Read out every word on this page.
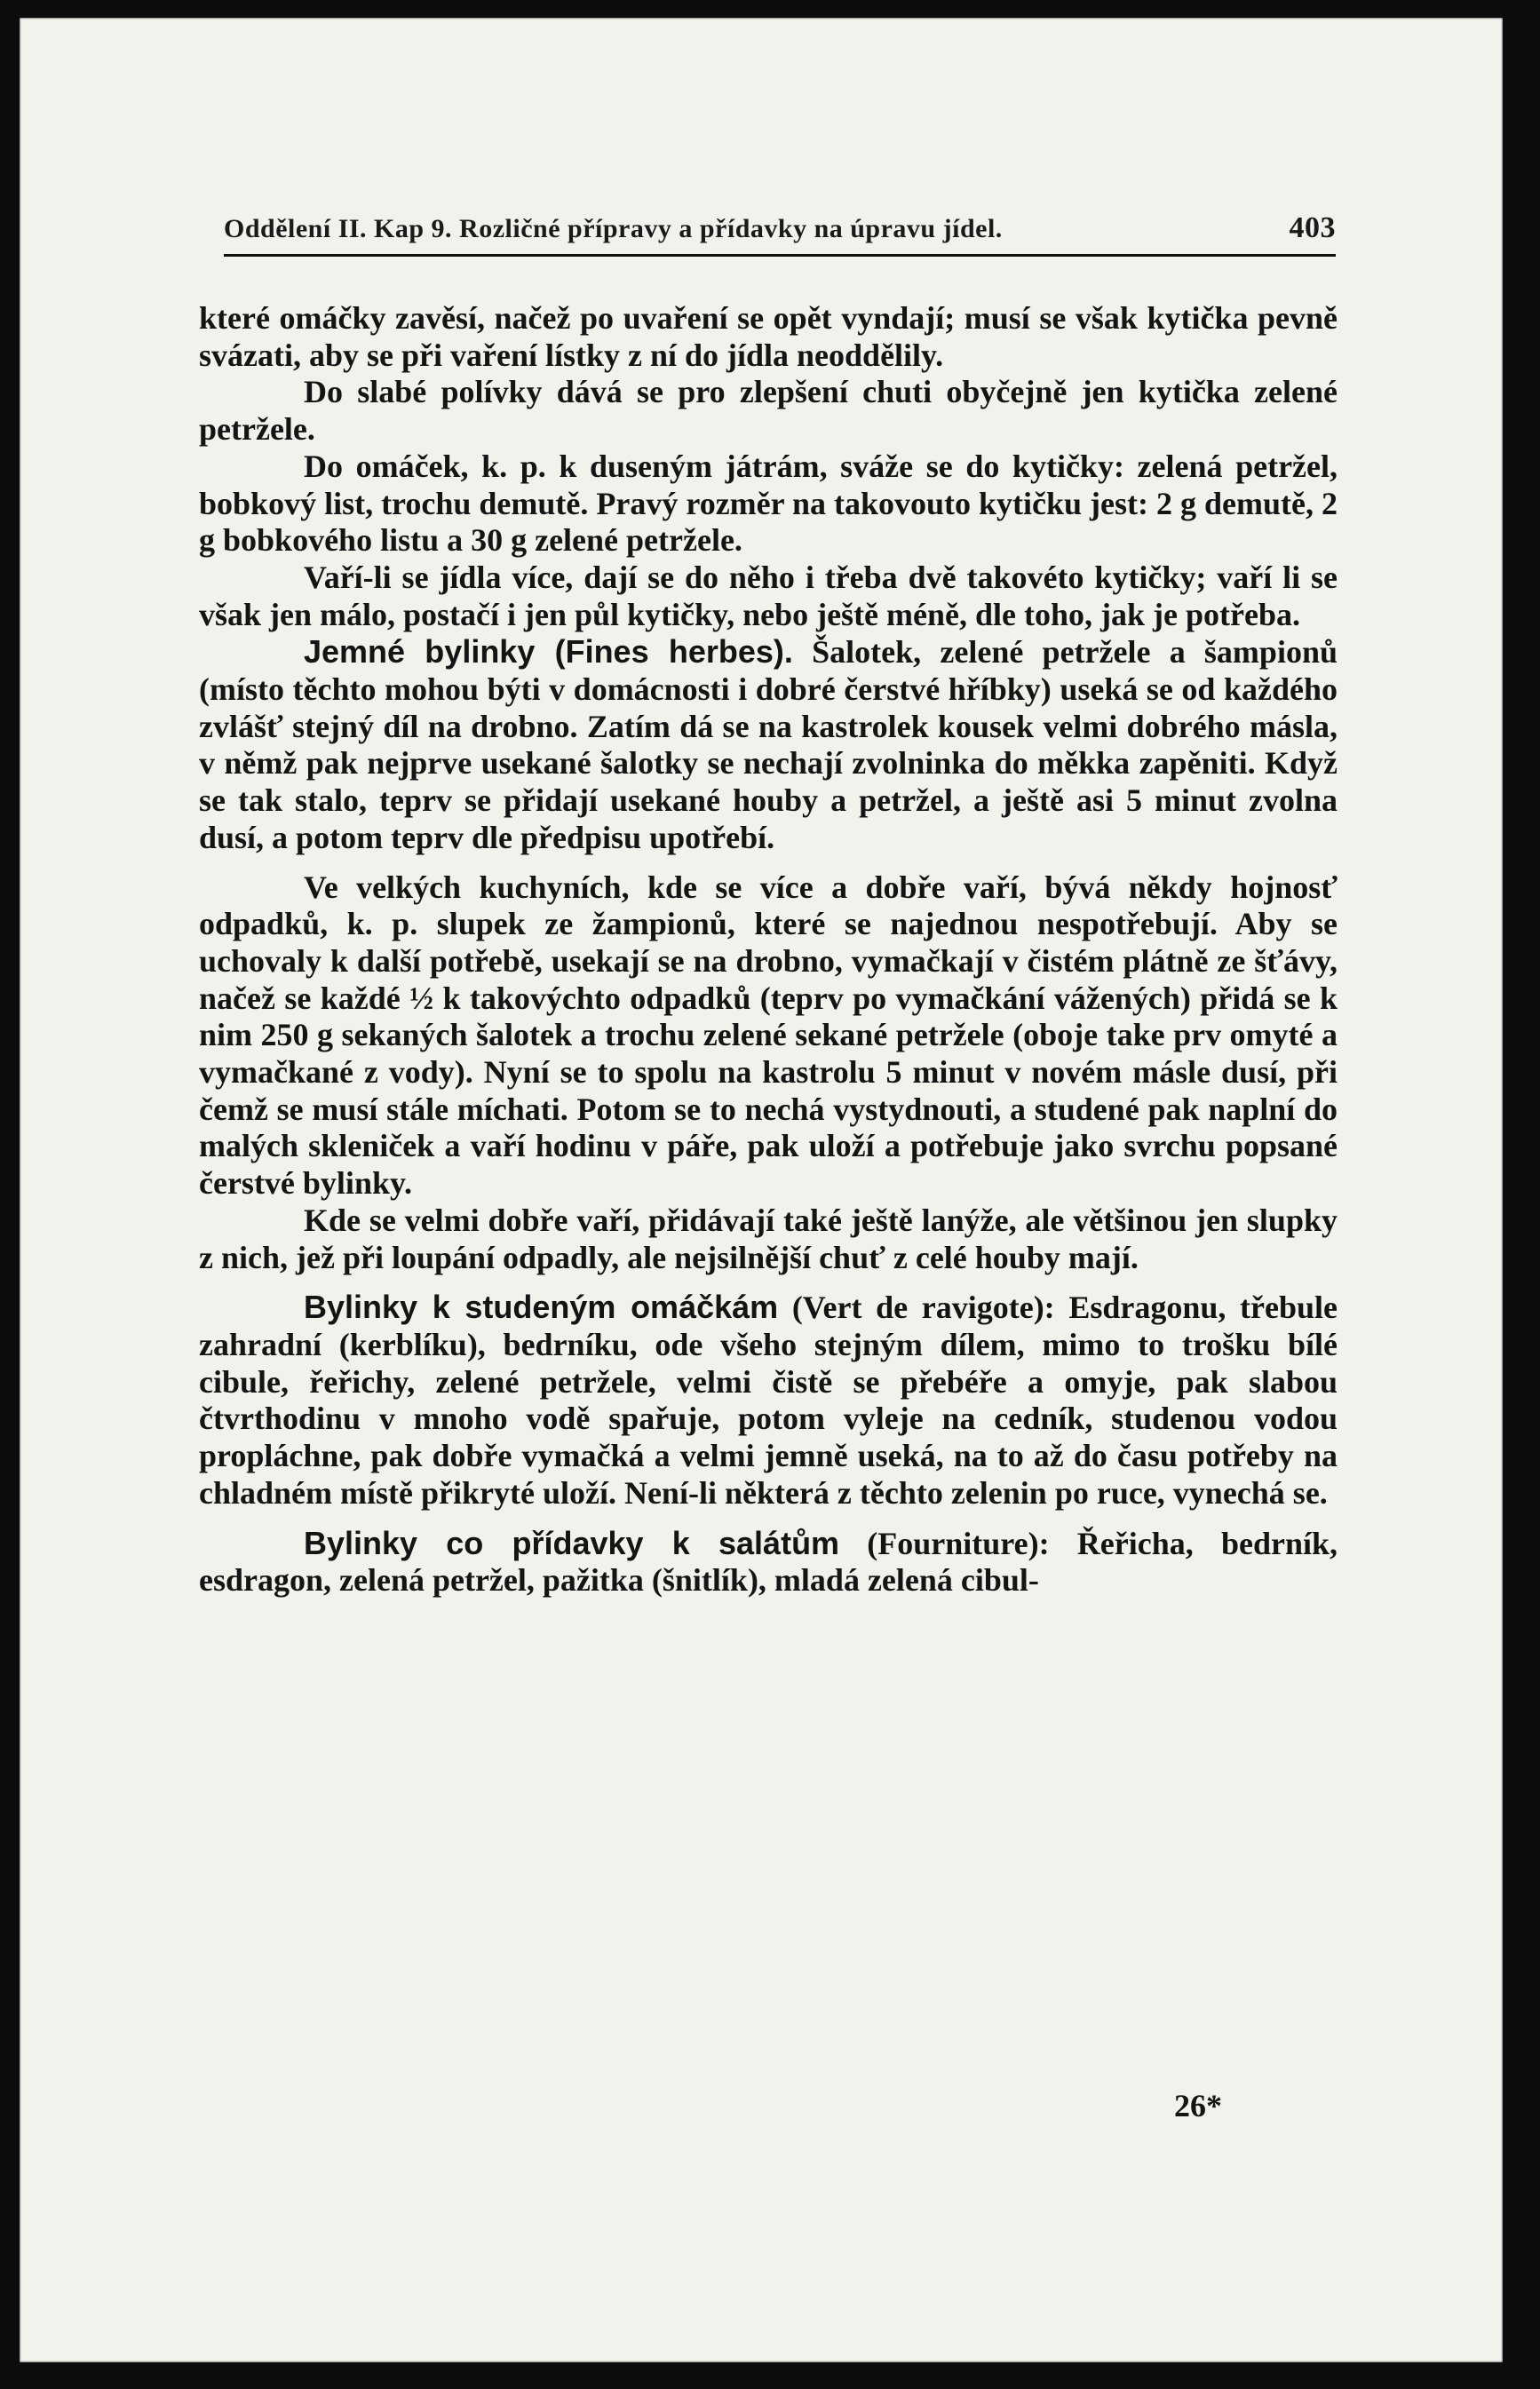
Oddělení II. Kap 9. Rozličné přípravy a přídavky na úpravu jídel.	403

které omáčky zavěsí, načež po uvaření se opět vyndají; musí se však kytička pevně svázati, aby se při vaření lístky z ní do jídla neoddělily.

Do slabé polívky dává se pro zlepšení chuti obyčejně jen kytička zelené petržele.

Do omáček, k. p. k duseným játrám, sváže se do kytičky: zelená petržel, bobkový list, trochu demutě. Pravý rozměr na takovouto kytičku jest: 2 g demutě, 2 g bobkového listu a 30 g zelené petržele.

Vaří-li se jídla více, dají se do něho i třeba dvě takovéto kytičky; vaří li se však jen málo, postačí i jen půl kytičky, nebo ještě méně, dle toho, jak je potřeba.

Jemné bylinky (Fines herbes). Šalotek, zelené petržele a šampionů (místo těchto mohou býti v domácnosti i dobré čerstvé hříbky) useká se od každého zvlášť stejný díl na drobno. Zatím dá se na kastrolek kousek velmi dobrého másla, v němž pak nejprve usekané šalotky se nechají zvolninka do měkka zapěniti. Když se tak stalo, teprv se přidají usekané houby a petržel, a ještě asi 5 minut zvolna dusí, a potom teprv dle předpisu upotřebí.

Ve velkých kuchyních, kde se více a dobře vaří, bývá někdy hojnosť odpadků, k. p. slupek ze žampionů, které se najednou nespotřebují. Aby se uchovaly k další potřebě, usekají se na drobno, vymačkají v čistém plátně ze šťávy, načež se každé ½ k takovýchto odpadků (teprv po vymačkání vážených) přidá se k nim 250 g sekaných šalotek a trochu zelené sekané petržele (oboje take prv omyté a vymačkané z vody). Nyní se to spolu na kastrolu 5 minut v novém másle dusí, při čemž se musí stále míchati. Potom se to nechá vystydnouti, a studené pak naplní do malých skleniček a vaří hodinu v páře, pak uloží a potřebuje jako svrchu popsané čerstvé bylinky.

Kde se velmi dobře vaří, přidávají také ještě lanýže, ale většinou jen slupky z nich, jež při loupání odpadly, ale nejsilnější chuť z celé houby mají.

Bylinky k studeným omáčkám (Vert de ravigote): Esdragonu, třebule zahradní (kerblíku), bedrníku, ode všeho stejným dílem, mimo to trošku bílé cibule, řeřichy, zelené petržele, velmi čistě se přebéře a omyje, pak slabou čtvrthodinu v mnoho vodě spařuje, potom vyleje na cedník, studenou vodou propláchne, pak dobře vymačká a velmi jemně useká, na to až do času potřeby na chladném místě přikryté uloží. Není-li některá z těchto zelenin po ruce, vynechá se.

Bylinky co přídavky k salátům (Fourniture): Řeřicha, bedrník, esdragon, zelená petržel, pažitka (šnitlík), mladá zelená cibul-

26*
